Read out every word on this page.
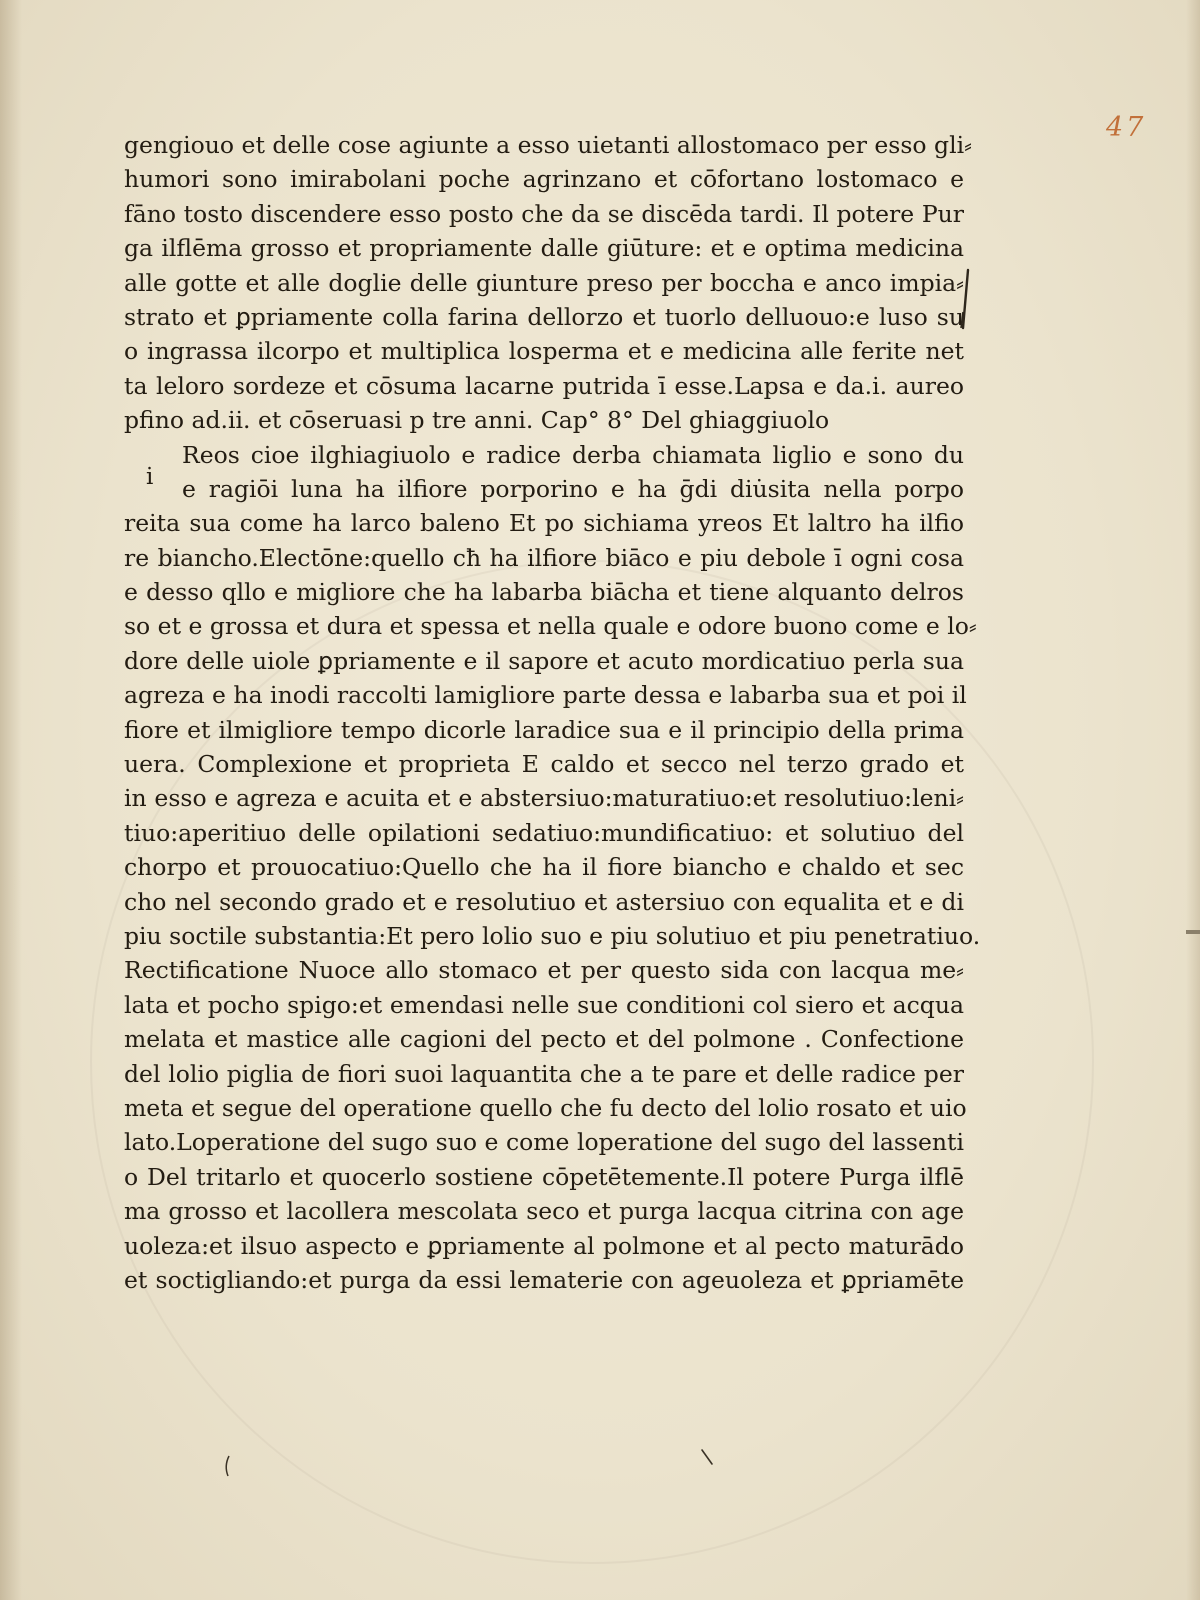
47
gengiouo et delle cose agiunte a esso uietanti allostomaco per esso gli⸗
humori sono imirabolani poche agrinzano et cōfortano lostomaco e
fāno tosto discendere esso posto che da se discēda tardi. Il potere Pur
ga ilflēma grosso et propriamente dalle giūture: et e optima medicina
alle gotte et alle doglie delle giunture preso per boccha e anco impia⸗
strato et ꝑpriamente colla farina dellorzo et tuorlo delluouo:e luso su
o ingrassa ilcorpo et multiplica losperma et e medicina alle ferite net
ta leloro sordeze et cōsuma lacarne putrida ī esse.Lapsa e da.i. aureo
pfino ad.ii. et cōseruasi p tre anni. Cap° 8° Del ghiaggiuolo
Reos cioe ilghiagiuolo e radice derba chiamata liglio e sono du
e ragiōi luna ha ilfiore porporino e ha ḡdi diu̇sita nella porpo
reita sua come ha larco baleno Et po sichiama yreos Et laltro ha ilfio
re biancho.Electōne:quello cħ ha ilfiore biāco e piu debole ī ogni cosa
e desso qllo e migliore che ha labarba biācha et tiene alquanto delros
so et e grossa et dura et spessa et nella quale e odore buono come e lo⸗
dore delle uiole ꝑpriamente e il sapore et acuto mordicatiuo perla sua
agreza e ha inodi raccolti lamigliore parte dessa e labarba sua et poi il
fiore et ilmigliore tempo dicorle laradice sua e il principio della prima
uera. Complexione et proprieta E caldo et secco nel terzo grado et
in esso e agreza e acuita et e abstersiuo:maturatiuo:et resolutiuo:leni⸗
tiuo:aperitiuo delle opilationi sedatiuo:mundificatiuo: et solutiuo del
chorpo et prouocatiuo:Quello che ha il fiore biancho e chaldo et sec
cho nel secondo grado et e resolutiuo et astersiuo con equalita et e di
piu soctile substantia:Et pero lolio suo e piu solutiuo et piu penetratiuo.
Rectificatione Nuoce allo stomaco et per questo sida con lacqua me⸗
lata et pocho spigo:et emendasi nelle sue conditioni col siero et acqua
melata et mastice alle cagioni del pecto et del polmone . Confectione
del lolio piglia de fiori suoi laquantita che a te pare et delle radice per
meta et segue del operatione quello che fu decto del lolio rosato et uio
lato.Loperatione del sugo suo e come loperatione del sugo del lassenti
o Del tritarlo et quocerlo sostiene cōpetētemente.Il potere Purga ilflē
ma grosso et lacollera mescolata seco et purga lacqua citrina con age
uoleza:et ilsuo aspecto e ꝑpriamente al polmone et al pecto maturādo
et soctigliando:et purga da essi lematerie con ageuoleza et ꝑpriamēte
i
